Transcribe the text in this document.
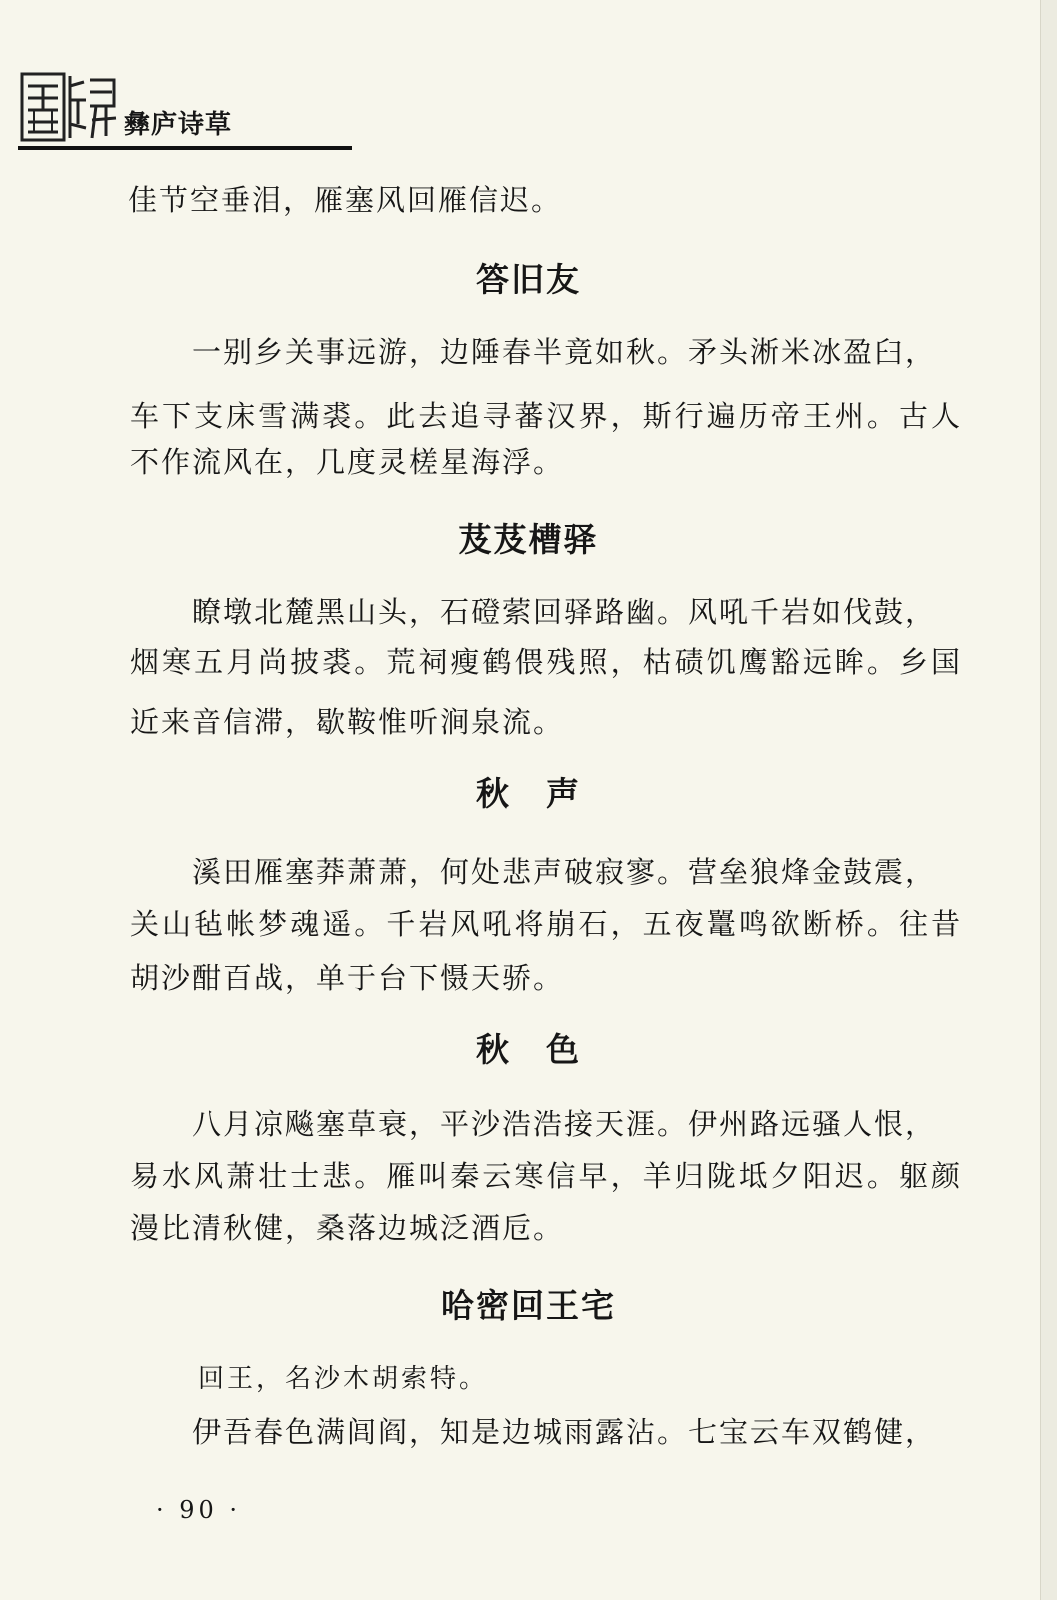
彝庐诗草
佳节空垂泪，雁塞风回雁信迟。
答旧友
一别乡关事远游，边陲春半竟如秋。矛头淅米冰盈臼，
车下支床雪满裘。此去追寻蕃汉界，斯行遍历帝王州。古人
不作流风在，几度灵槎星海浮。
芨芨槽驿
瞭墩北麓黑山头，石磴萦回驿路幽。风吼千岩如伐鼓，
烟寒五月尚披裘。荒祠瘦鹤偎残照，枯碛饥鹰豁远眸。乡国
近来音信滞，歇鞍惟听涧泉流。
秋　声
溪田雁塞莽萧萧，何处悲声破寂寥。营垒狼烽金鼓震，
关山毡帐梦魂遥。千岩风吼将崩石，五夜鼍鸣欲断桥。往昔
胡沙酣百战，单于台下慑天骄。
秋　色
八月凉飚塞草衰，平沙浩浩接天涯。伊州路远骚人恨，
易水风萧壮士悲。雁叫秦云寒信早，羊归陇坻夕阳迟。躯颜
漫比清秋健，桑落边城泛酒卮。
哈密回王宅
回王，名沙木胡索特。
伊吾春色满闾阎，知是边城雨露沾。七宝云车双鹤健，
· 90 ·
